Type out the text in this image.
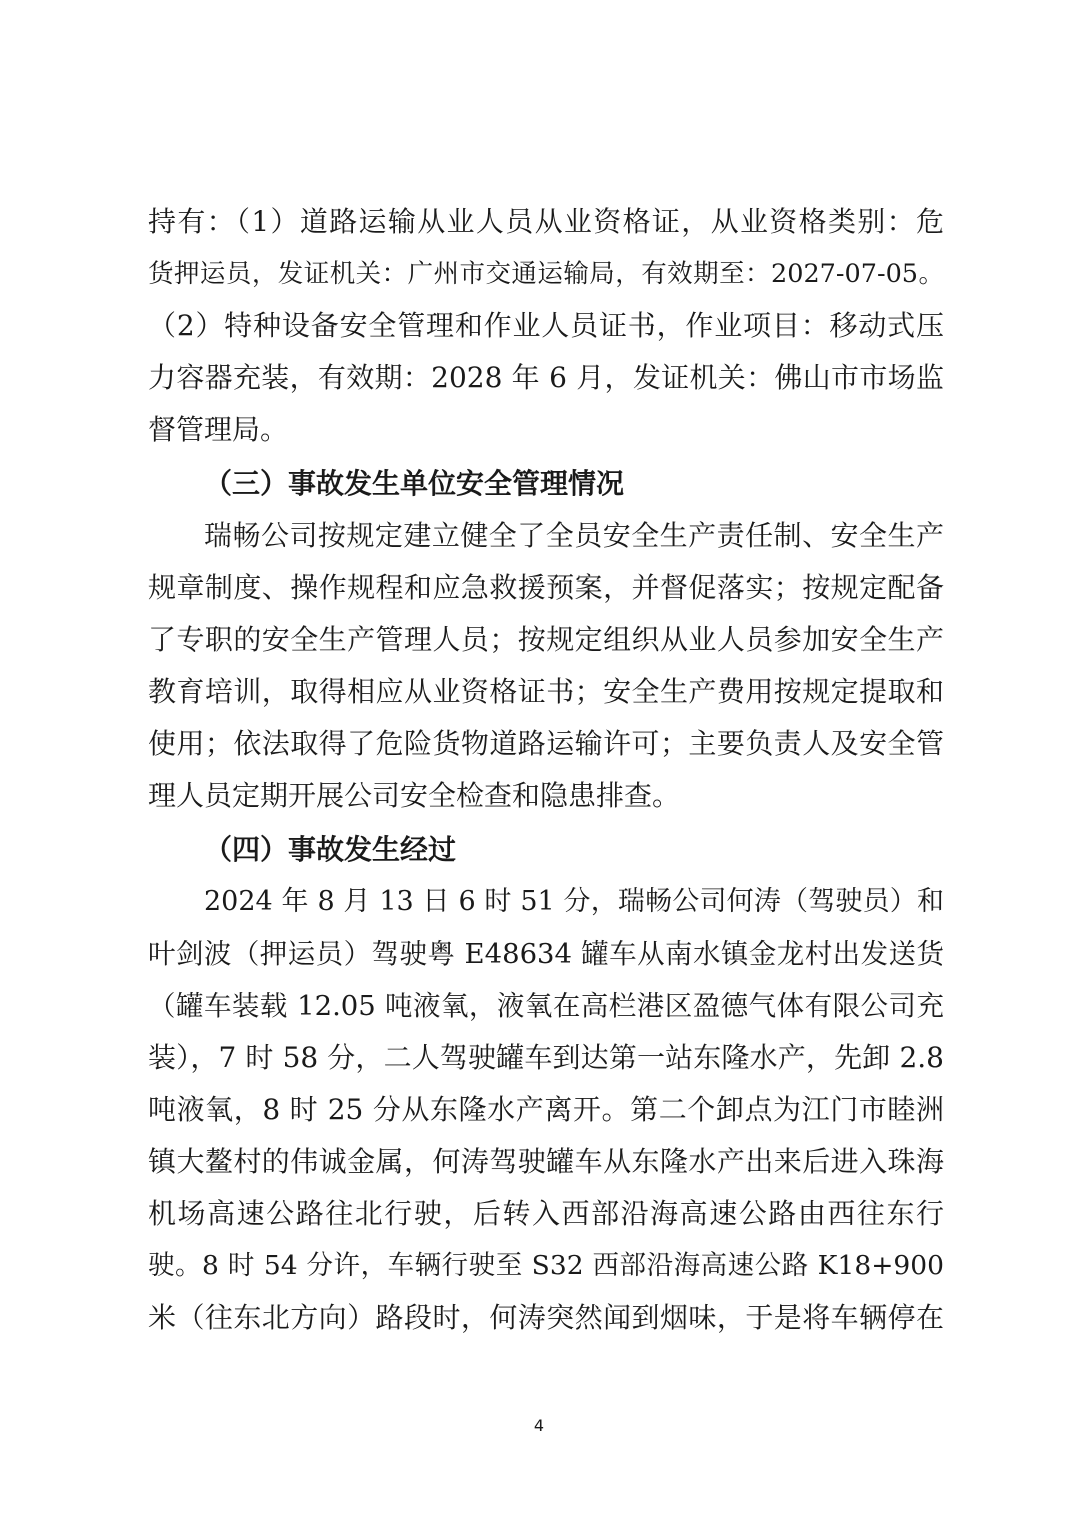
持有：（1）道路运输从业人员从业资格证，从业资格类别：危
货押运员，发证机关：广州市交通运输局，有效期至：2027-07-05。
（2）特种设备安全管理和作业人员证书，作业项目：移动式压
力容器充装，有效期：2028 年 6 月，发证机关：佛山市市场监
督管理局。
（三）事故发生单位安全管理情况
瑞畅公司按规定建立健全了全员安全生产责任制、安全生产
规章制度、操作规程和应急救援预案，并督促落实；按规定配备
了专职的安全生产管理人员；按规定组织从业人员参加安全生产
教育培训，取得相应从业资格证书；安全生产费用按规定提取和
使用；依法取得了危险货物道路运输许可；主要负责人及安全管
理人员定期开展公司安全检查和隐患排查。
（四）事故发生经过
2024 年 8 月 13 日 6 时 51 分，瑞畅公司何涛（驾驶员）和
叶剑波（押运员）驾驶粤 E48634 罐车从南水镇金龙村出发送货
（罐车装载 12.05 吨液氧，液氧在高栏港区盈德气体有限公司充
装），7 时 58 分，二人驾驶罐车到达第一站东隆水产，先卸 2.8
吨液氧，8 时 25 分从东隆水产离开。第二个卸点为江门市睦洲
镇大鳌村的伟诚金属，何涛驾驶罐车从东隆水产出来后进入珠海
机场高速公路往北行驶，后转入西部沿海高速公路由西往东行
驶。8 时 54 分许，车辆行驶至 S32 西部沿海高速公路 K18+900
米（往东北方向）路段时，何涛突然闻到烟味，于是将车辆停在
4
